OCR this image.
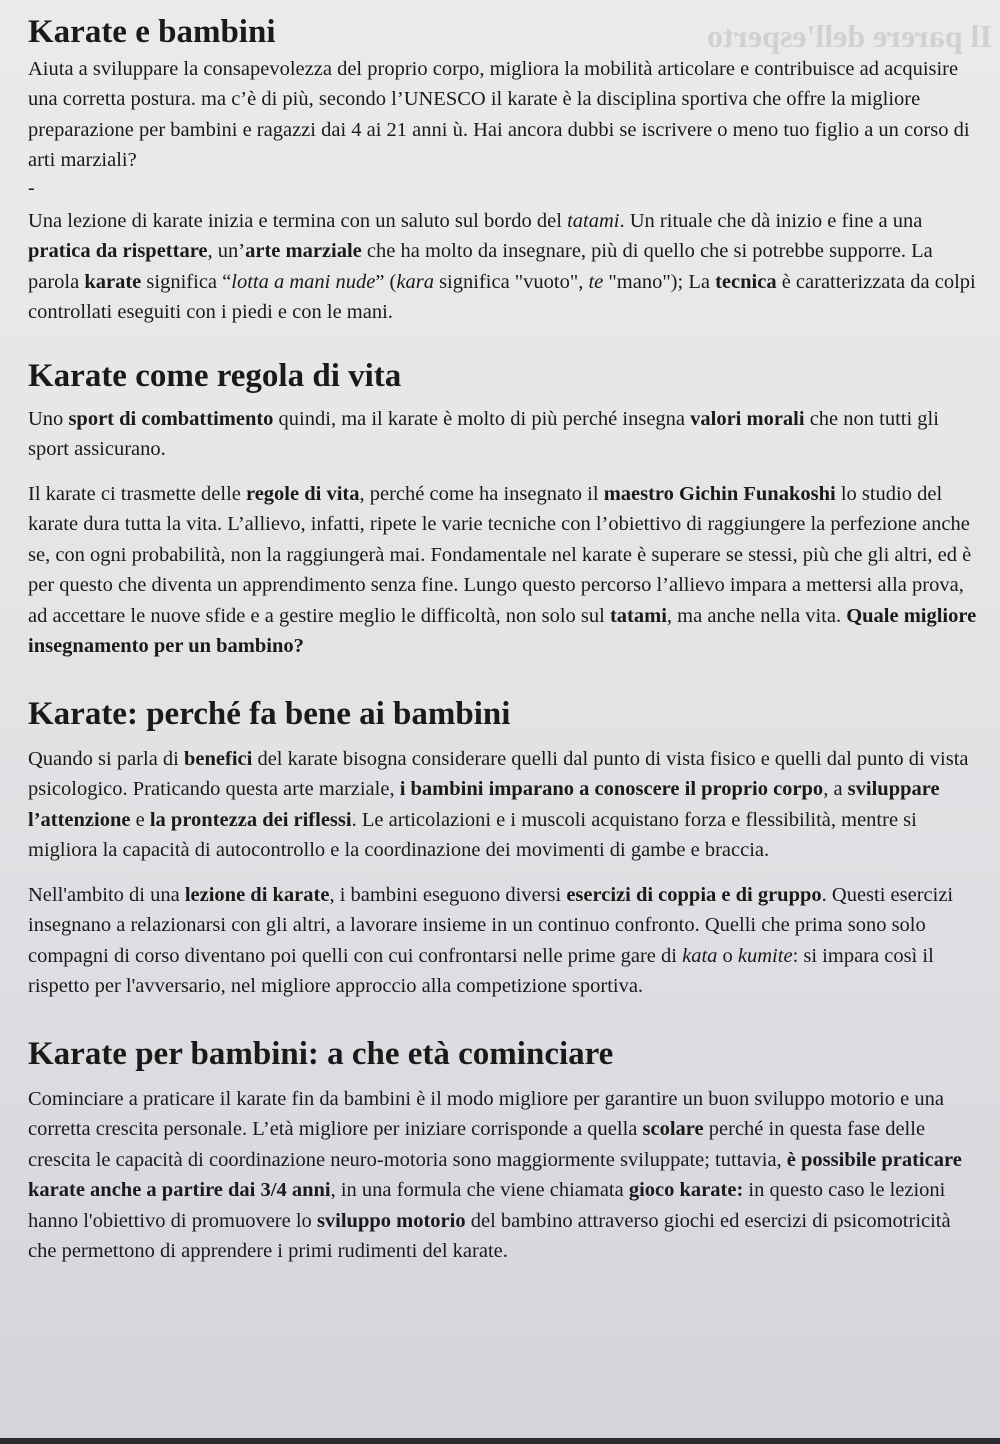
Il parere dell'esperto
Karate e bambini

Aiuta a sviluppare la consapevolezza del proprio corpo, migliora la mobilità articolare e contribuisce ad acquisire una corretta postura. ma c’è di più, secondo l’UNESCO il karate è la disciplina sportiva che offre la migliore preparazione per bambini e ragazzi dai 4 ai 21 anni ù. Hai ancora dubbi se iscrivere o meno tuo figlio a un corso di arti marziali?

-

Una lezione di karate inizia e termina con un saluto sul bordo del tatami. Un rituale che dà inizio e fine a una pratica da rispettare, un’arte marziale che ha molto da insegnare, più di quello che si potrebbe supporre. La parola karate significa “lotta a mani nude” (kara significa "vuoto", te "mano"); La tecnica è caratterizzata da colpi controllati eseguiti con i piedi e con le mani.

Karate come regola di vita

Uno sport di combattimento quindi, ma il karate è molto di più perché insegna valori morali che non tutti gli sport assicurano.

Il karate ci trasmette delle regole di vita, perché come ha insegnato il maestro Gichin Funakoshi lo studio del karate dura tutta la vita. L’allievo, infatti, ripete le varie tecniche con l’obiettivo di raggiungere la perfezione anche se, con ogni probabilità, non la raggiungerà mai. Fondamentale nel karate è superare se stessi, più che gli altri, ed è per questo che diventa un apprendimento senza fine. Lungo questo percorso l’allievo impara a mettersi alla prova, ad accettare le nuove sfide e a gestire meglio le difficoltà, non solo sul tatami, ma anche nella vita. Quale migliore insegnamento per un bambino?

Karate: perché fa bene ai bambini

Quando si parla di benefici del karate bisogna considerare quelli dal punto di vista fisico e quelli dal punto di vista psicologico. Praticando questa arte marziale, i bambini imparano a conoscere il proprio corpo, a sviluppare l’attenzione e la prontezza dei riflessi. Le articolazioni e i muscoli acquistano forza e flessibilità, mentre si migliora la capacità di autocontrollo e la coordinazione dei movimenti di gambe e braccia.

Nell'ambito di una lezione di karate, i bambini eseguono diversi esercizi di coppia e di gruppo. Questi esercizi insegnano a relazionarsi con gli altri, a lavorare insieme in un continuo confronto. Quelli che prima sono solo compagni di corso diventano poi quelli con cui confrontarsi nelle prime gare di kata o kumite: si impara così il rispetto per l'avversario, nel migliore approccio alla competizione sportiva.

Karate per bambini: a che età cominciare

Cominciare a praticare il karate fin da bambini è il modo migliore per garantire un buon sviluppo motorio e una corretta crescita personale. L’età migliore per iniziare corrisponde a quella scolare perché in questa fase delle crescita le capacità di coordinazione neuro-motoria sono maggiormente sviluppate; tuttavia, è possibile praticare karate anche a partire dai 3/4 anni, in una formula che viene chiamata gioco karate: in questo caso le lezioni hanno l'obiettivo di promuovere lo sviluppo motorio del bambino attraverso giochi ed esercizi di psicomotricità che permettono di apprendere i primi rudimenti del karate.
